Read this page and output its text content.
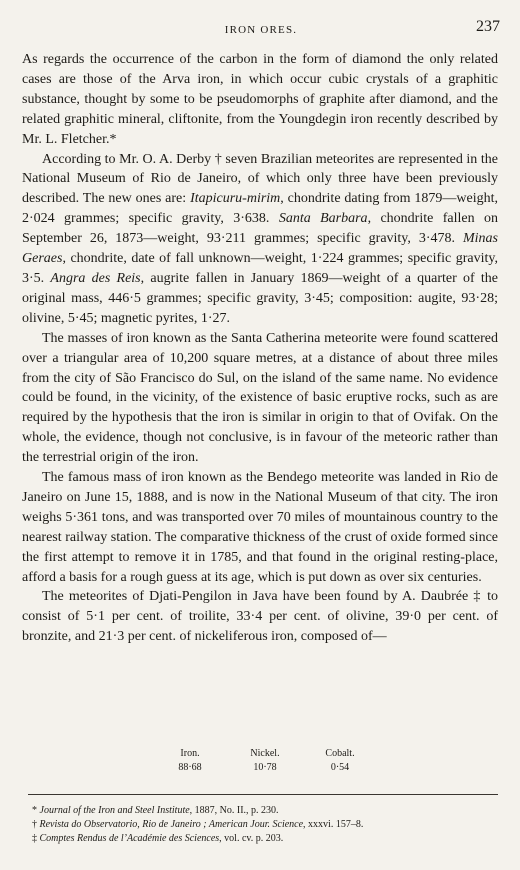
IRON ORES.	237

As regards the occurrence of the carbon in the form of diamond the only related cases are those of the Arva iron, in which occur cubic crystals of a graphitic substance, thought by some to be pseudomorphs of graphite after diamond, and the related graphitic mineral, cliftonite, from the Youngdegin iron recently described by Mr. L. Fletcher.*

According to Mr. O. A. Derby † seven Brazilian meteorites are represented in the National Museum of Rio de Janeiro, of which only three have been previously described. The new ones are: Itapicuru-mirim, chondrite dating from 1879—weight, 2·024 grammes; specific gravity, 3·638. Santa Barbara, chondrite fallen on September 26, 1873—weight, 93·211 grammes; specific gravity, 3·478. Minas Geraes, chondrite, date of fall unknown—weight, 1·224 grammes; specific gravity, 3·5. Angra des Reis, augrite fallen in January 1869—weight of a quarter of the original mass, 446·5 grammes; specific gravity, 3·45; composition: augite, 93·28; olivine, 5·45; magnetic pyrites, 1·27.

The masses of iron known as the Santa Catherina meteorite were found scattered over a triangular area of 10,200 square metres, at a distance of about three miles from the city of São Francisco do Sul, on the island of the same name. No evidence could be found, in the vicinity, of the existence of basic eruptive rocks, such as are required by the hypothesis that the iron is similar in origin to that of Ovifak. On the whole, the evidence, though not conclusive, is in favour of the meteoric rather than the terrestrial origin of the iron.

The famous mass of iron known as the Bendego meteorite was landed in Rio de Janeiro on June 15, 1888, and is now in the National Museum of that city. The iron weighs 5·361 tons, and was transported over 70 miles of mountainous country to the nearest railway station. The comparative thickness of the crust of oxide formed since the first attempt to remove it in 1785, and that found in the original resting-place, afford a basis for a rough guess at its age, which is put down as over six centuries.

The meteorites of Djati-Pengilon in Java have been found by A. Daubrée ‡ to consist of 5·1 per cent. of troilite, 33·4 per cent. of olivine, 39·0 per cent. of bronzite, and 21·3 per cent. of nickeliferous iron, composed of—

Iron.
88·68
Nickel.
10·78
Cobalt.
0·54
* Journal of the Iron and Steel Institute, 1887, No. II., p. 230.
† Revista do Observatorio, Rio de Janeiro ; American Jour. Science, xxxvi. 157–8.
‡ Comptes Rendus de l’Académie des Sciences, vol. cv. p. 203.
